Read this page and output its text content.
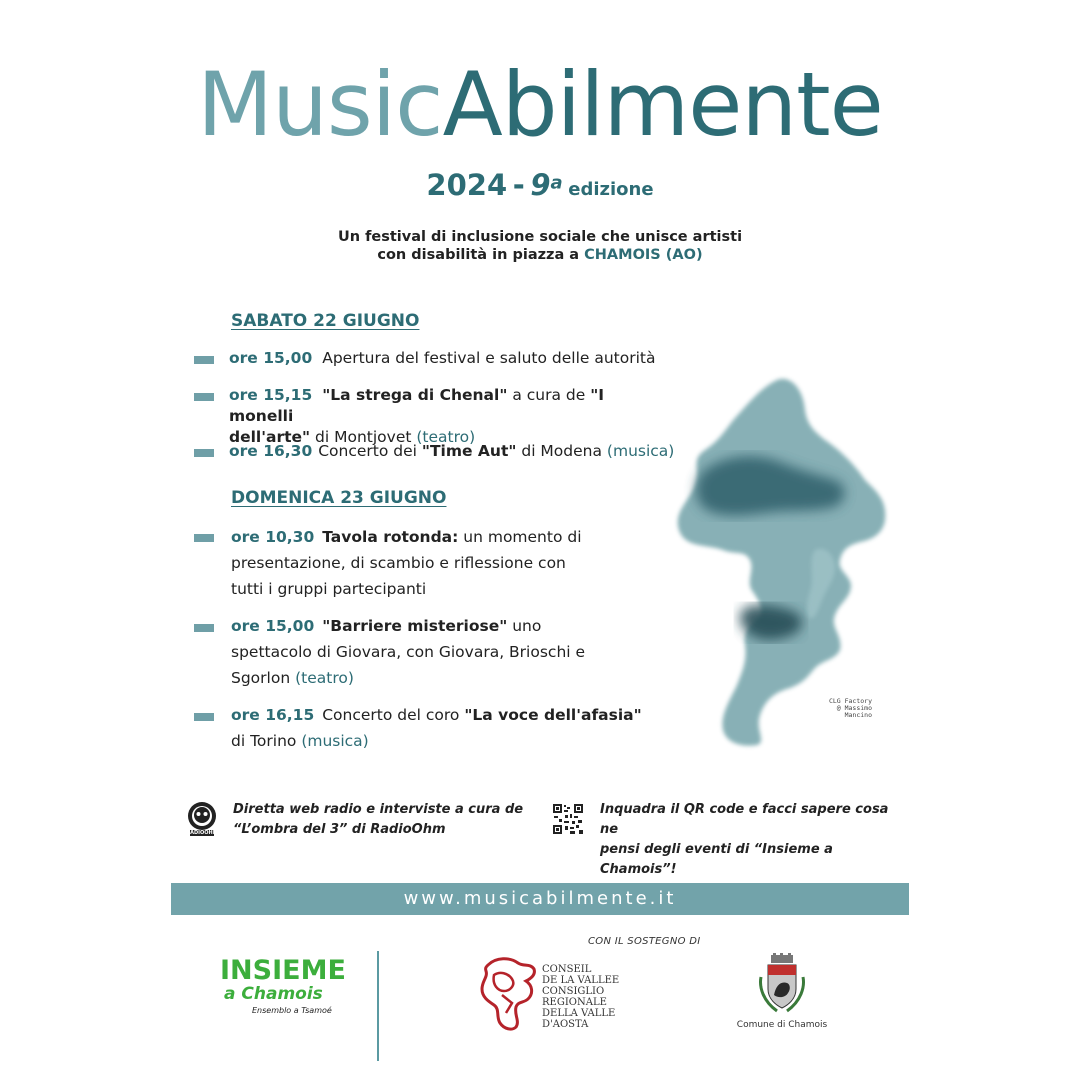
MusicAbilmente
2024 - 9a edizione
Un festival di inclusione sociale che unisce artisti
con disabilità in piazza a CHAMOIS (AO)
SABATO 22 GIUGNO
ore 15,00 Apertura del festival e saluto delle autorità
ore 15,15 "La strega di Chenal" a cura de "I monelli
dell'arte" di Montjovet (teatro)
ore 16,30 Concerto dei "Time Aut" di Modena (musica)
DOMENICA 23 GIUGNO
ore 10,30 Tavola rotonda: un momento di
presentazione, di scambio e riflessione con
tutti i gruppi partecipanti
ore 15,00 "Barriere misteriose" uno
spettacolo di Giovara, con Giovara, Brioschi e
Sgorlon (teatro)
ore 16,15 Concerto del coro "La voce dell'afasia"
di Torino (musica)
CLG Factory
@ Massimo Mancino
RADIOOHM
Diretta web radio e interviste a cura de
“L’ombra del 3” di RadioOhm
Inquadra il QR code e facci sapere cosa ne
pensi degli eventi di “Insieme a Chamois”!
www.musicabilmente.it
CON IL SOSTEGNO DI
INSIEME
a Chamois
Ensemblo a Tsamoé
CONSEIL
DE LA VALLEE
CONSIGLIO
REGIONALE
DELLA VALLE
D'AOSTA	Comune di Chamois
